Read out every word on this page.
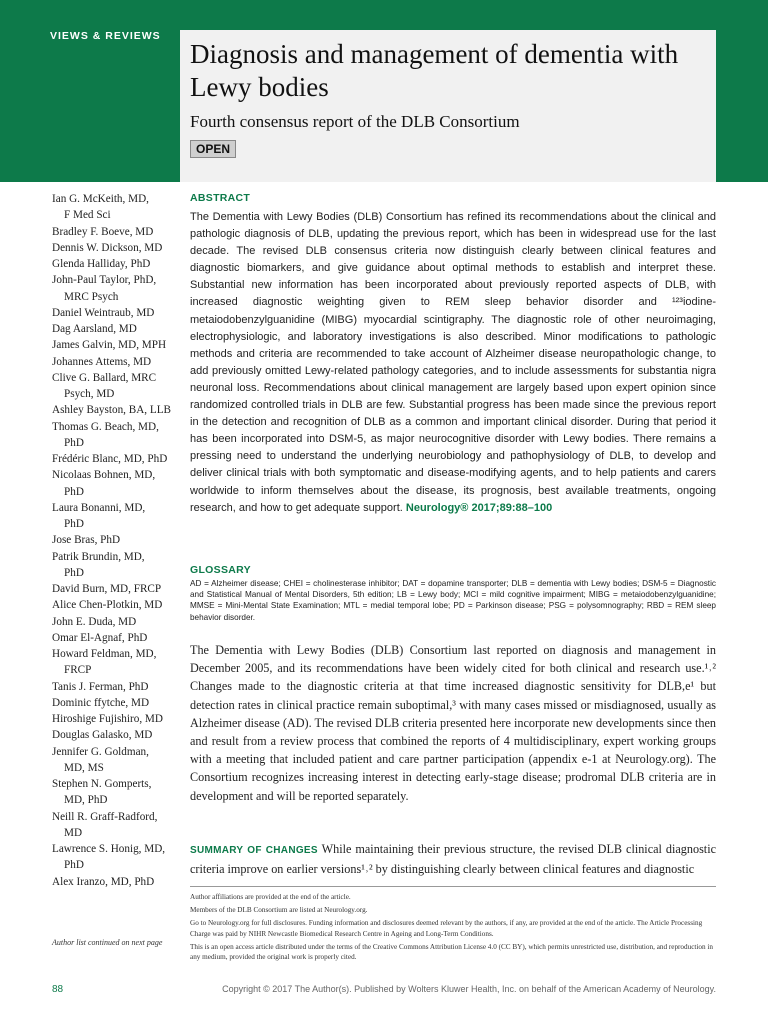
VIEWS & REVIEWS
Diagnosis and management of dementia with Lewy bodies
Fourth consensus report of the DLB Consortium
OPEN
Ian G. McKeith, MD,
F Med Sci
Bradley F. Boeve, MD
Dennis W. Dickson, MD
Glenda Halliday, PhD
John-Paul Taylor, PhD,
MRC Psych
Daniel Weintraub, MD
Dag Aarsland, MD
James Galvin, MD, MPH
Johannes Attems, MD
Clive G. Ballard, MRC
Psych, MD
Ashley Bayston, BA, LLB
Thomas G. Beach, MD,
PhD
Frédéric Blanc, MD, PhD
Nicolaas Bohnen, MD,
PhD
Laura Bonanni, MD,
PhD
Jose Bras, PhD
Patrik Brundin, MD,
PhD
David Burn, MD, FRCP
Alice Chen-Plotkin, MD
John E. Duda, MD
Omar El-Agnaf, PhD
Howard Feldman, MD,
FRCP
Tanis J. Ferman, PhD
Dominic ffytche, MD
Hiroshige Fujishiro, MD
Douglas Galasko, MD
Jennifer G. Goldman,
MD, MS
Stephen N. Gomperts,
MD, PhD
Neill R. Graff-Radford,
MD
Lawrence S. Honig, MD,
PhD
Alex Iranzo, MD, PhD
Author list continued on next page
ABSTRACT

The Dementia with Lewy Bodies (DLB) Consortium has refined its recommendations about the clinical and pathologic diagnosis of DLB, updating the previous report, which has been in widespread use for the last decade. The revised DLB consensus criteria now distinguish clearly between clinical features and diagnostic biomarkers, and give guidance about optimal methods to establish and interpret these. Substantial new information has been incorporated about previously reported aspects of DLB, with increased diagnostic weighting given to REM sleep behavior disorder and ¹²³iodine-metaiodobenzylguanidine (MIBG) myocardial scintigraphy. The diagnostic role of other neuroimaging, electrophysiologic, and laboratory investigations is also described. Minor modifications to pathologic methods and criteria are recommended to take account of Alzheimer disease neuropathologic change, to add previously omitted Lewy-related pathology categories, and to include assessments for substantia nigra neuronal loss. Recommendations about clinical management are largely based upon expert opinion since randomized controlled trials in DLB are few. Substantial progress has been made since the previous report in the detection and recognition of DLB as a common and important clinical disorder. During that period it has been incorporated into DSM-5, as major neurocognitive disorder with Lewy bodies. There remains a pressing need to understand the underlying neurobiology and pathophysiology of DLB, to develop and deliver clinical trials with both symptomatic and disease-modifying agents, and to help patients and carers worldwide to inform themselves about the disease, its prognosis, best available treatments, ongoing research, and how to get adequate support. Neurology® 2017;89:88–100

GLOSSARY

AD = Alzheimer disease; CHEI = cholinesterase inhibitor; DAT = dopamine transporter; DLB = dementia with Lewy bodies; DSM-5 = Diagnostic and Statistical Manual of Mental Disorders, 5th edition; LB = Lewy body; MCI = mild cognitive impairment; MIBG = metaiodobenzylguanidine; MMSE = Mini-Mental State Examination; MTL = medial temporal lobe; PD = Parkinson disease; PSG = polysomnography; RBD = REM sleep behavior disorder.

The Dementia with Lewy Bodies (DLB) Consortium last reported on diagnosis and management in December 2005, and its recommendations have been widely cited for both clinical and research use.¹˒² Changes made to the diagnostic criteria at that time increased diagnostic sensitivity for DLB,e¹ but detection rates in clinical practice remain suboptimal,³ with many cases missed or misdiagnosed, usually as Alzheimer disease (AD). The revised DLB criteria presented here incorporate new developments since then and result from a review process that combined the reports of 4 multidisciplinary, expert working groups with a meeting that included patient and care partner participation (appendix e-1 at Neurology.org). The Consortium recognizes increasing interest in detecting early-stage disease; prodromal DLB criteria are in development and will be reported separately.

SUMMARY OF CHANGES While maintaining their previous structure, the revised DLB clinical diagnostic criteria improve on earlier versions¹˒² by distinguishing clearly between clinical features and diagnostic

Author affiliations are provided at the end of the article.

Members of the DLB Consortium are listed at Neurology.org.

Go to Neurology.org for full disclosures. Funding information and disclosures deemed relevant by the authors, if any, are provided at the end of the article. The Article Processing Charge was paid by NIHR Newcastle Biomedical Research Centre in Ageing and Long-Term Conditions.

This is an open access article distributed under the terms of the Creative Commons Attribution License 4.0 (CC BY), which permits unrestricted use, distribution, and reproduction in any medium, provided the original work is properly cited.

88	Copyright © 2017 The Author(s). Published by Wolters Kluwer Health, Inc. on behalf of the American Academy of Neurology.
